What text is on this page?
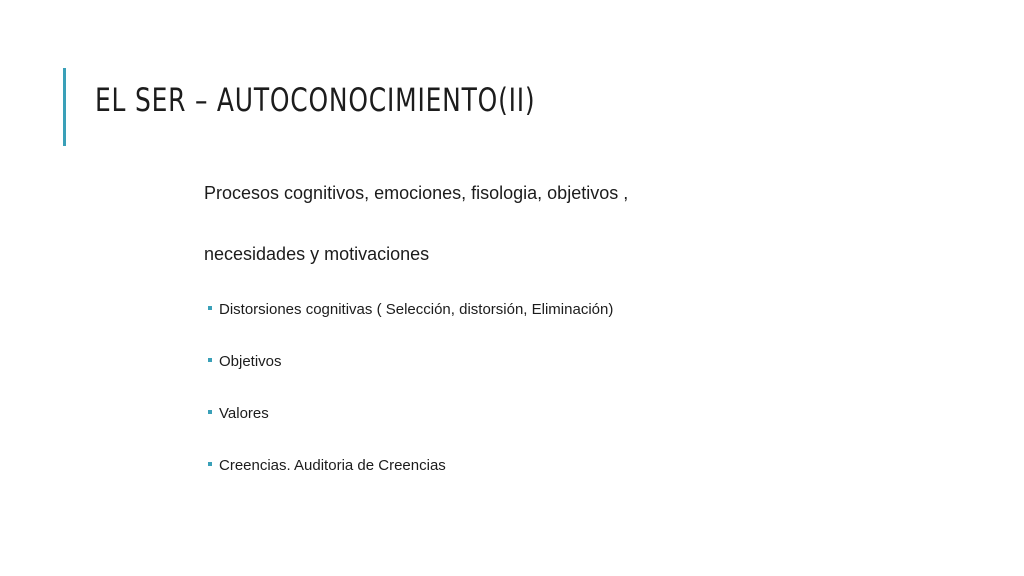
EL SER – AUTOCONOCIMIENTO(II)

Procesos cognitivos, emociones, fisologia, objetivos ,

necesidades y motivaciones

Distorsiones cognitivas ( Selección, distorsión, Eliminación)
Objetivos
Valores
Creencias. Auditoria de Creencias
